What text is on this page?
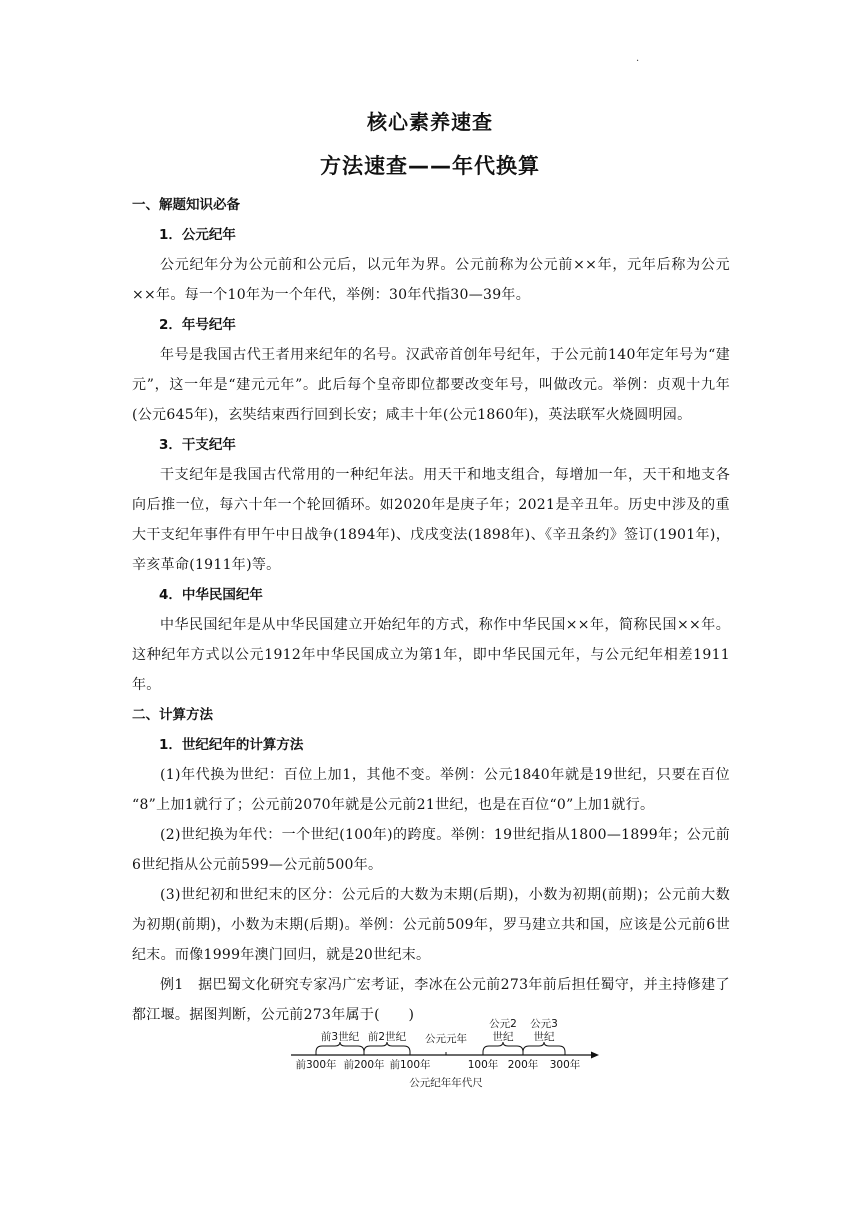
·
核心素养速查
方法速查——年代换算

一、解题知识必备

1．公元纪年

公元纪年分为公元前和公元后，以元年为界。公元前称为公元前××年，元年后称为公元××年。每一个10年为一个年代，举例：30年代指30—39年。

2．年号纪年

年号是我国古代王者用来纪年的名号。汉武帝首创年号纪年，于公元前140年定年号为“建元”，这一年是“建元元年”。此后每个皇帝即位都要改变年号，叫做改元。举例：贞观十九年(公元645年)，玄奘结束西行回到长安；咸丰十年(公元1860年)，英法联军火烧圆明园。

3．干支纪年

干支纪年是我国古代常用的一种纪年法。用天干和地支组合，每增加一年，天干和地支各向后推一位，每六十年一个轮回循环。如2020年是庚子年；2021是辛丑年。历史中涉及的重大干支纪年事件有甲午中日战争(1894年)、戊戌变法(1898年)、《辛丑条约》签订(1901年)，辛亥革命(1911年)等。

4．中华民国纪年

中华民国纪年是从中华民国建立开始纪年的方式，称作中华民国××年，简称民国××年。这种纪年方式以公元1912年中华民国成立为第1年，即中华民国元年，与公元纪年相差1911年。

二、计算方法

1．世纪纪年的计算方法

(1)年代换为世纪：百位上加1，其他不变。举例：公元1840年就是19世纪，只要在百位 “8”上加1就行了；公元前2070年就是公元前21世纪，也是在百位“0”上加1就行。

(2)世纪换为年代：一个世纪(100年)的跨度。举例：19世纪指从1800—1899年；公元前6世纪指从公元前599—公元前500年。

(3)世纪初和世纪末的区分：公元后的大数为末期(后期)，小数为初期(前期)；公元前大数为初期(前期)，小数为末期(后期)。举例：公元前509年，罗马建立共和国，应该是公元前6世纪末。而像1999年澳门回归，就是20世纪末。

例1　 据巴蜀文化研究专家冯广宏考证，李冰在公元前273年前后担任蜀守，并主持修建了都江堰。据图判断，公元前273年属于(　　)

前3世纪 前2世纪
公元2
世纪
公元3
世纪
公元元年
前300年 前200年 前100年	100年 200年 300年
公元纪年年代尺
